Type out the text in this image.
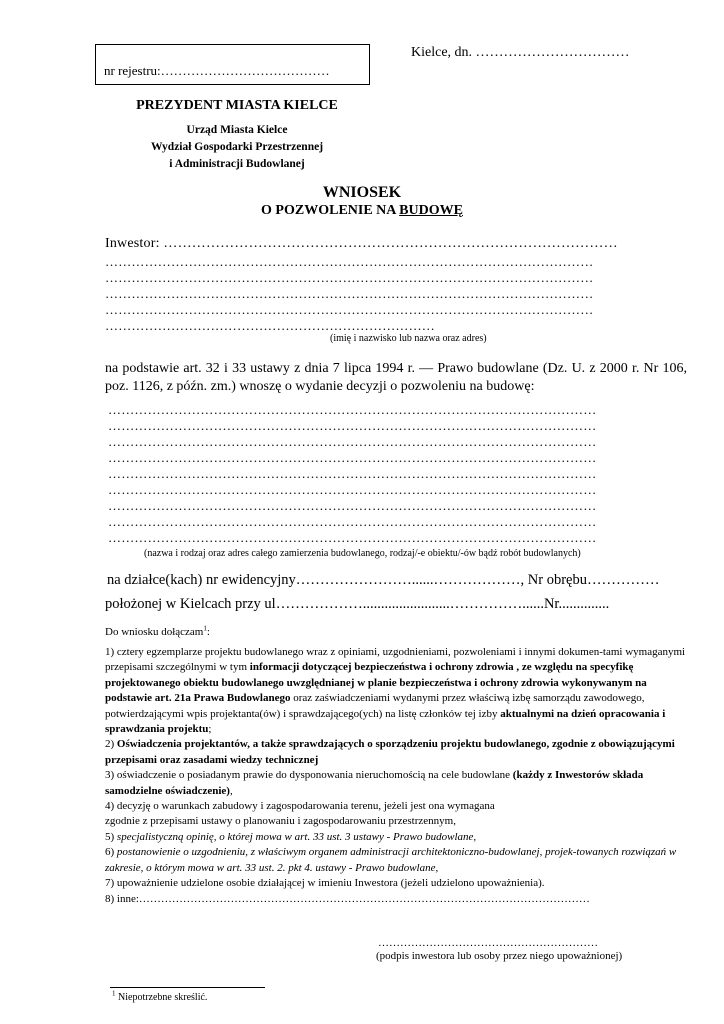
nr rejestru:…………………………………
Kielce, dn. ……………………………
PREZYDENT MIASTA KIELCE
Urząd Miasta Kielce
Wydział Gospodarki Przestrzennej
i Administracji Budowlanej
WNIOSEK
O POZWOLENIE NA BUDOWĘ
Inwestor: ……………………………………………………………………………………
…………………………………………………………………………………………………
…………………………………………………………………………………………………
…………………………………………………………………………………………………
…………………………………………………………………………………………………
…………………………………………………………………
(imię i nazwisko lub nazwa oraz adres)
na podstawie art. 32 i 33 ustawy z dnia 7 lipca 1994 r. — Prawo budowlane (Dz. U. z 2000 r. Nr 106, poz. 1126, z późn. zm.) wnoszę o wydanie decyzji o pozwoleniu na budowę:
…………………………………………………………………………………………………
…………………………………………………………………………………………………
…………………………………………………………………………………………………
…………………………………………………………………………………………………
…………………………………………………………………………………………………
…………………………………………………………………………………………………
…………………………………………………………………………………………………
…………………………………………………………………………………………………
…………………………………………………………………………………………………
(nazwa i rodzaj oraz adres całego zamierzenia budowlanego, rodzaj/-e obiektu/-ów bądź robót budowlanych)
na działce(kach) nr ewidencyjny……………………......………………, Nr obrębu……………
położonej w Kielcach przy ul………………........................……………......Nr..............
Do wniosku dołączam$^1$:

1) cztery egzemplarze projektu budowlanego wraz z opiniami, uzgodnieniami, pozwoleniami i innymi dokumen-tami wymaganymi przepisami szczególnymi w tym informacji dotyczącej bezpieczeństwa i ochrony zdrowia , ze względu na specyfikę projektowanego obiektu budowlanego uwzględnianej w planie bezpieczeństwa i ochrony zdrowia wykonywanym na podstawie art. 21a Prawa Budowlanego oraz zaświadczeniami wydanymi przez właściwą izbę samorządu zawodowego, potwierdzającymi wpis projektanta(ów) i sprawdzającego(ych) na listę członków tej izby aktualnymi na dzień opracowania i sprawdzania projektu;

2) Oświadczenia projektantów, a także sprawdzających o sporządzeniu projektu budowlanego, zgodnie z obowiązującymi przepisami oraz zasadami wiedzy technicznej

3) oświadczenie o posiadanym prawie do dysponowania nieruchomością na cele budowlane (każdy z Inwestorów składa samodzielne oświadczenie),

4) decyzję o warunkach zabudowy i zagospodarowania terenu, jeżeli jest ona wymagana

zgodnie z przepisami ustawy o planowaniu i zagospodarowaniu przestrzennym,

5) specjalistyczną opinię, o której mowa w art. 33 ust. 3 ustawy - Prawo budowlane,

6) postanowienie o uzgodnieniu, z właściwym organem administracji architektoniczno-budowlanej, projek-towanych rozwiązań w zakresie, o którym mowa w art. 33 ust. 2. pkt 4. ustawy - Prawo budowlane,

7) upoważnienie udzielone osobie działającej w imieniu Inwestora (jeżeli udzielono upoważnienia).

8) inne:……………………………………………………………………………………………………………

……………………………………………………
(podpis inwestora lub osoby przez niego upoważnionej)
$^1$ Niepotrzebne skreślić.
